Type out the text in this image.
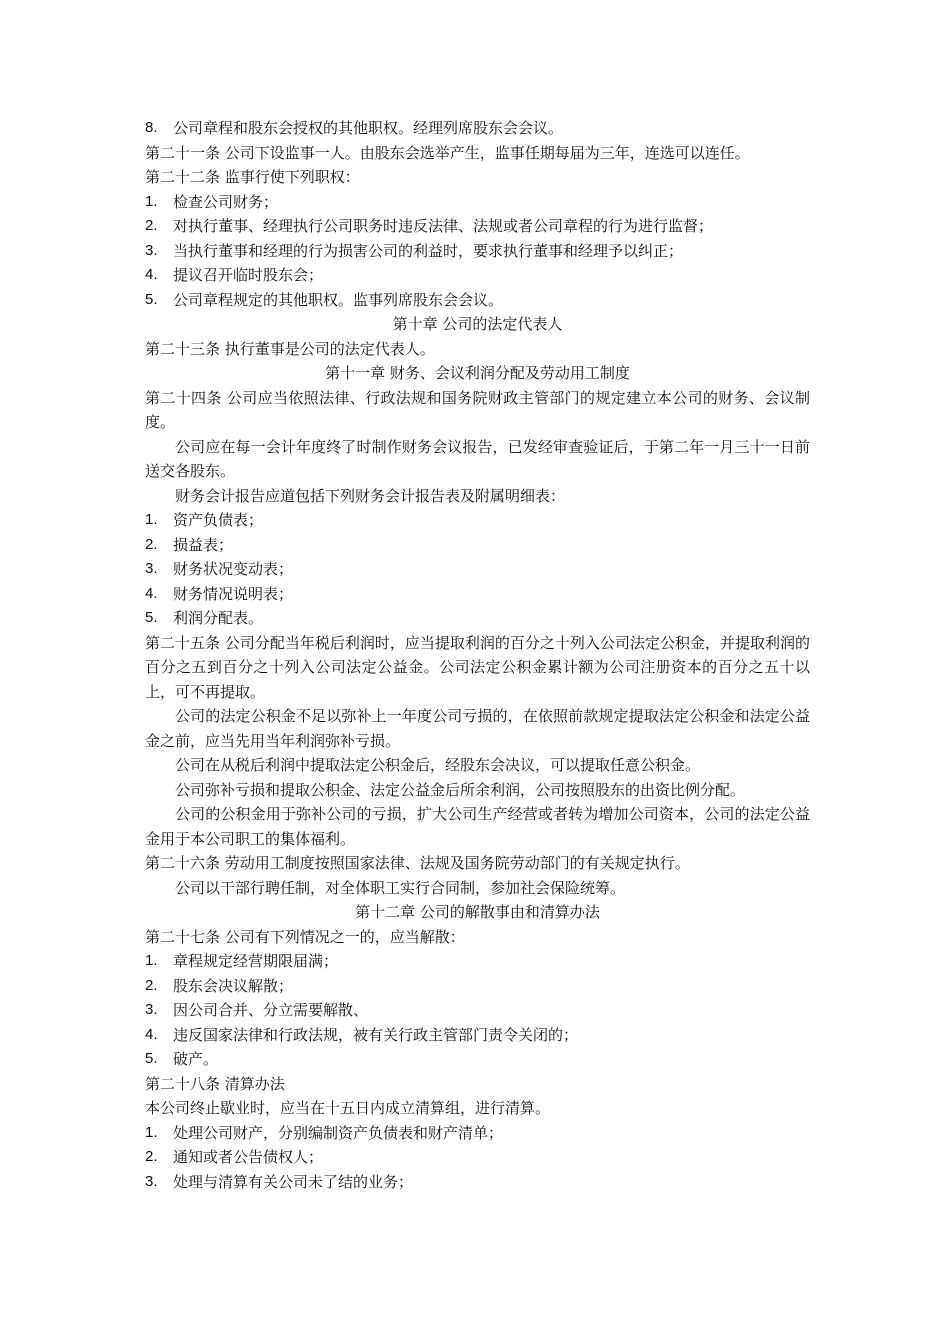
8.	公司章程和股东会授权的其他职权。经理列席股东会会议。
第二十一条 公司下设监事一人。由股东会选举产生，监事任期每届为三年，连选可以连任。
第二十二条 监事行使下列职权：
1.	检查公司财务；
2.	对执行董事、经理执行公司职务时违反法律、法规或者公司章程的行为进行监督；
3.	当执行董事和经理的行为损害公司的利益时，要求执行董事和经理予以纠正；
4.	提议召开临时股东会；
5.	公司章程规定的其他职权。监事列席股东会会议。
第十章 公司的法定代表人
第二十三条 执行董事是公司的法定代表人。
第十一章 财务、会议利润分配及劳动用工制度
第二十四条 公司应当依照法律、行政法规和国务院财政主管部门的规定建立本公司的财务、会议制度。
公司应在每一会计年度终了时制作财务会议报告，已发经审查验证后，于第二年一月三十一日前送交各股东。
财务会计报告应道包括下列财务会计报告表及附属明细表：
1.	资产负债表；
2.	损益表；
3.	财务状况变动表；
4.	财务情况说明表；
5.	利润分配表。
第二十五条 公司分配当年税后利润时，应当提取利润的百分之十列入公司法定公积金，并提取利润的百分之五到百分之十列入公司法定公益金。公司法定公积金累计额为公司注册资本的百分之五十以上，可不再提取。
公司的法定公积金不足以弥补上一年度公司亏损的，在依照前款规定提取法定公积金和法定公益金之前，应当先用当年利润弥补亏损。
公司在从税后利润中提取法定公积金后，经股东会决议，可以提取任意公积金。
公司弥补亏损和提取公积金、法定公益金后所余利润，公司按照股东的出资比例分配。
公司的公积金用于弥补公司的亏损，扩大公司生产经营或者转为增加公司资本，公司的法定公益金用于本公司职工的集体福利。
第二十六条 劳动用工制度按照国家法律、法规及国务院劳动部门的有关规定执行。
公司以干部行聘任制，对全体职工实行合同制，参加社会保险统筹。
第十二章 公司的解散事由和清算办法
第二十七条 公司有下列情况之一的，应当解散：
1.	章程规定经营期限届满；
2.	股东会决议解散；
3.	因公司合并、分立需要解散、
4.	违反国家法律和行政法规，被有关行政主管部门责令关闭的；
5.	破产。
第二十八条 清算办法
本公司终止歇业时，应当在十五日内成立清算组，进行清算。
1.	处理公司财产，分别编制资产负债表和财产清单；
2.	通知或者公告债权人；
3.	处理与清算有关公司未了结的业务；
